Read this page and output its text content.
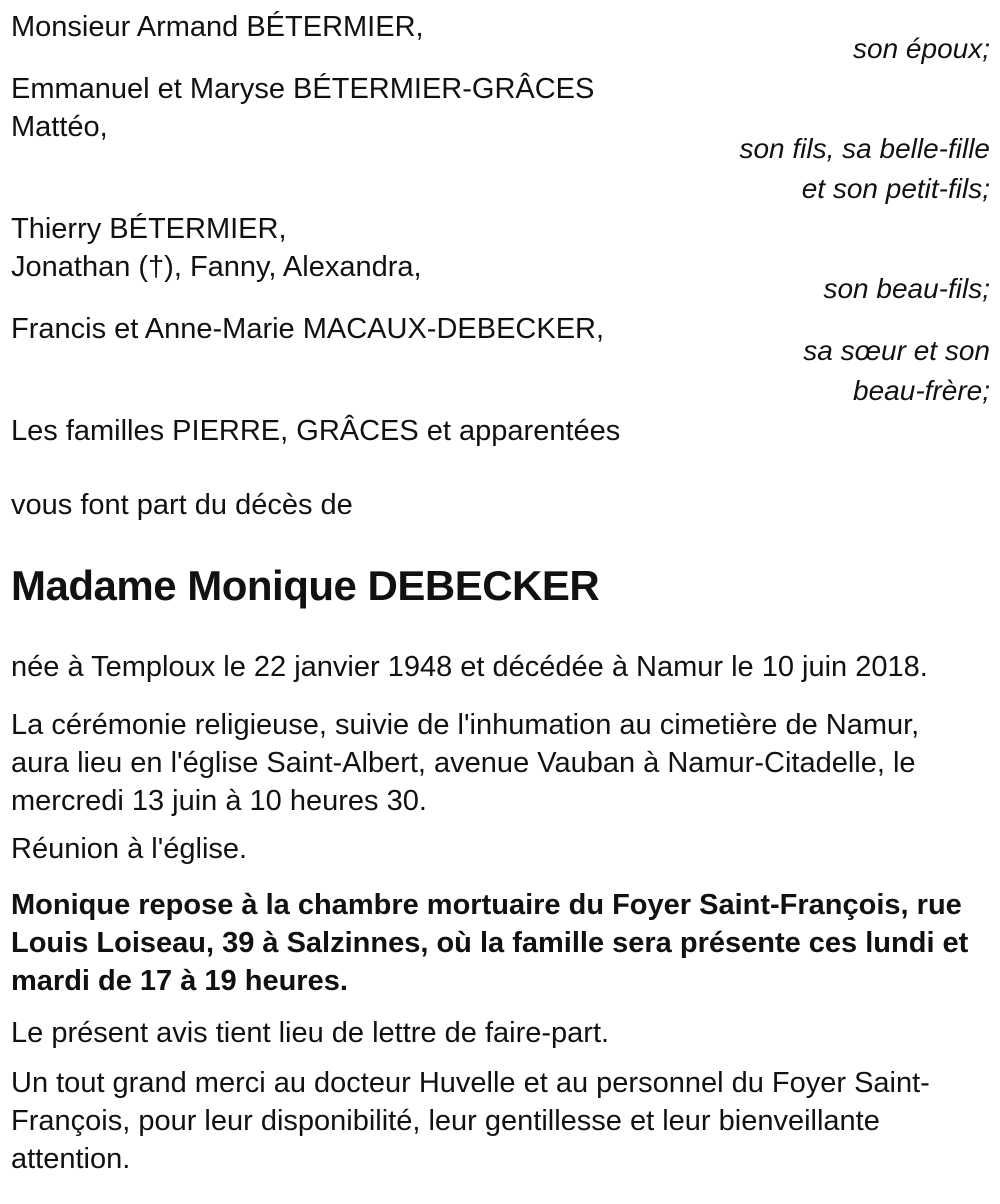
Monsieur Armand BÉTERMIER,
son époux;
Emmanuel et Maryse BÉTERMIER-GRÂCES
Mattéo,
son fils, sa belle-fille
et son petit-fils;
Thierry BÉTERMIER,
Jonathan (†), Fanny, Alexandra,
son beau-fils;
Francis et Anne-Marie MACAUX-DEBECKER,
sa sœur et son
beau-frère;
Les familles PIERRE, GRÂCES et apparentées
vous font part du décès de
Madame Monique DEBECKER
née à Temploux le 22 janvier 1948 et décédée à Namur le 10 juin 2018.
La cérémonie religieuse, suivie de l'inhumation au cimetière de Namur,
aura lieu en l'église Saint-Albert, avenue Vauban à Namur-Citadelle, le
mercredi 13 juin à 10 heures 30.
Réunion à l'église.
Monique repose à la chambre mortuaire du Foyer Saint-François, rue
Louis Loiseau, 39 à Salzinnes, où la famille sera présente ces lundi et
mardi de 17 à 19 heures.
Le présent avis tient lieu de lettre de faire-part.
Un tout grand merci au docteur Huvelle et au personnel du Foyer Saint-
François, pour leur disponibilité, leur gentillesse et leur bienveillante
attention.
